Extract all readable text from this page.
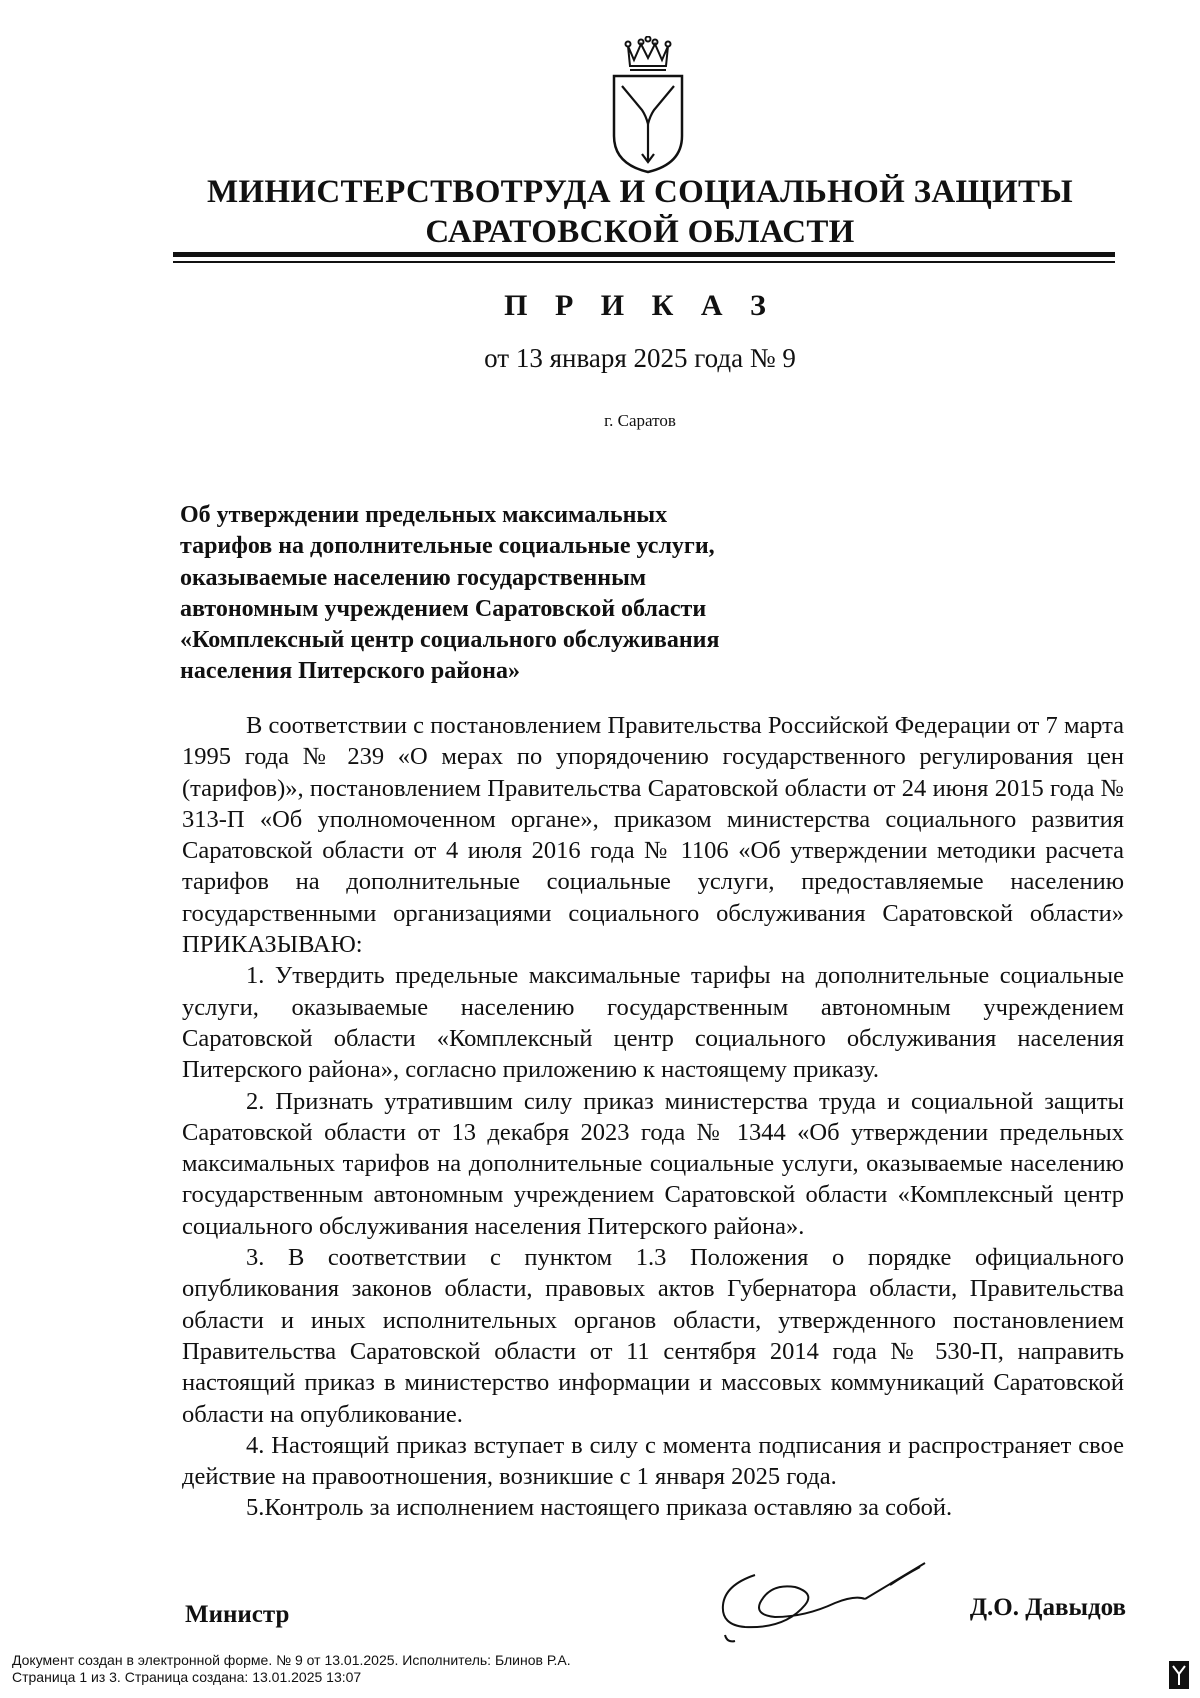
МИНИСТЕРСТВОТРУДА И СОЦИАЛЬНОЙ ЗАЩИТЫ
САРАТОВСКОЙ ОБЛАСТИ
П Р И К А З
от 13 января 2025 года № 9
г. Саратов
Об утверждении предельных максимальных
тарифов на дополнительные социальные услуги,
оказываемые населению государственным
автономным учреждением Саратовской области
«Комплексный центр социального обслуживания
населения Питерского района»

В соответствии с постановлением Правительства Российской Федерации от 7 марта 1995 года № 239 «О мерах по упорядочению государственного регулирования цен (тарифов)», постановлением Правительства Саратовской области от 24 июня 2015 года № 313-П «Об уполномоченном органе», приказом министерства социального развития Саратовской области от 4 июля 2016 года № 1106 «Об утверждении методики расчета тарифов на дополнительные социальные услуги, предоставляемые населению государственными организациями социального обслуживания Саратовской области» ПРИКАЗЫВАЮ:

1. Утвердить предельные максимальные тарифы на дополнительные социальные услуги, оказываемые населению государственным автономным учреждением Саратовской области «Комплексный центр социального обслуживания населения Питерского района», согласно приложению к настоящему приказу.

2. Признать утратившим силу приказ министерства труда и социальной защиты Саратовской области от 13 декабря 2023 года № 1344 «Об утверждении предельных максимальных тарифов на дополнительные социальные услуги, оказываемые населению государственным автономным учреждением Саратовской области «Комплексный центр социального обслуживания населения Питерского района».

3. В соответствии с пунктом 1.3 Положения о порядке официального опубликования законов области, правовых актов Губернатора области, Правительства области и иных исполнительных органов области, утвержденного постановлением Правительства Саратовской области от 11 сентября 2014 года № 530-П, направить настоящий приказ в министерство информации и массовых коммуникаций Саратовской области на опубликование.

4. Настоящий приказ вступает в силу с момента подписания и распространяет свое действие на правоотношения, возникшие с 1 января 2025 года.

5.Контроль за исполнением настоящего приказа оставляю за собой.

Министр	Д.О. Давыдов
Документ создан в электронной форме. № 9 от 13.01.2025. Исполнитель: Блинов Р.А.
Страница 1 из 3. Страница создана: 13.01.2025 13:07
